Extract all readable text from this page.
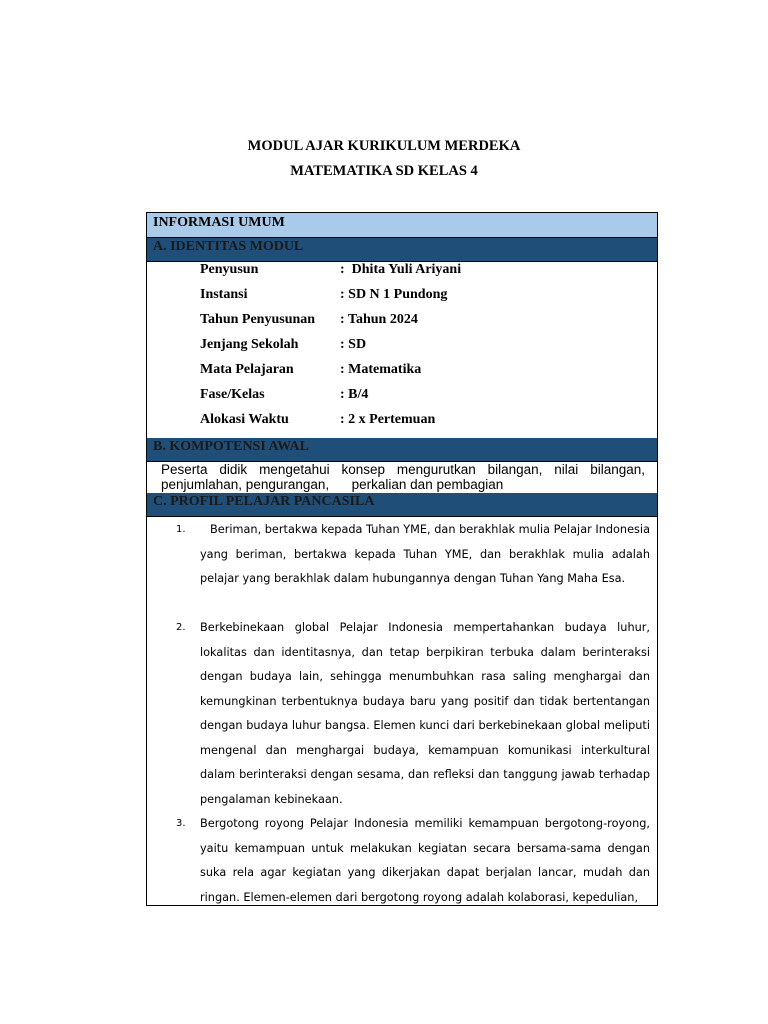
MODUL AJAR KURIKULUM MERDEKA
MATEMATIKA SD KELAS 4
INFORMASI UMUM
A. IDENTITAS MODUL
Penyusun	:  Dhita Yuli Ariyani
Instansi	: SD N 1 Pundong
Tahun Penyusunan : Tahun 2024
Jenjang Sekolah	: SD
Mata Pelajaran	: Matematika
Fase/Kelas	: B/4
Alokasi Waktu	: 2 x Pertemuan
B. KOMPOTENSI AWAL
Peserta didik mengetahui konsep mengurutkan bilangan, nilai bilangan,
penjumlahan, pengurangan,      perkalian dan pembagian
C. PROFIL PELAJAR PANCASILA
1.	Beriman, bertakwa kepada Tuhan YME, dan berakhlak mulia Pelajar Indonesia yang beriman, bertakwa kepada Tuhan YME, dan berakhlak mulia adalah pelajar yang berakhlak dalam hubungannya dengan Tuhan Yang Maha Esa.
2. Berkebinekaan global Pelajar Indonesia mempertahankan budaya luhur, lokalitas dan identitasnya, dan tetap berpikiran terbuka dalam berinteraksi dengan budaya lain, sehingga menumbuhkan rasa saling menghargai dan kemungkinan terbentuknya budaya baru yang positif dan tidak bertentangan dengan budaya luhur bangsa. Elemen kunci dari berkebinekaan global meliputi mengenal dan menghargai budaya, kemampuan komunikasi interkultural dalam berinteraksi dengan sesama, dan refleksi dan tanggung jawab terhadap pengalaman kebinekaan.
3. Bergotong royong Pelajar Indonesia memiliki kemampuan bergotong-royong, yaitu kemampuan untuk melakukan kegiatan secara bersama-sama dengan suka rela agar kegiatan yang dikerjakan dapat berjalan lancar, mudah dan ringan. Elemen-elemen dari bergotong royong adalah kolaborasi, kepedulian,
